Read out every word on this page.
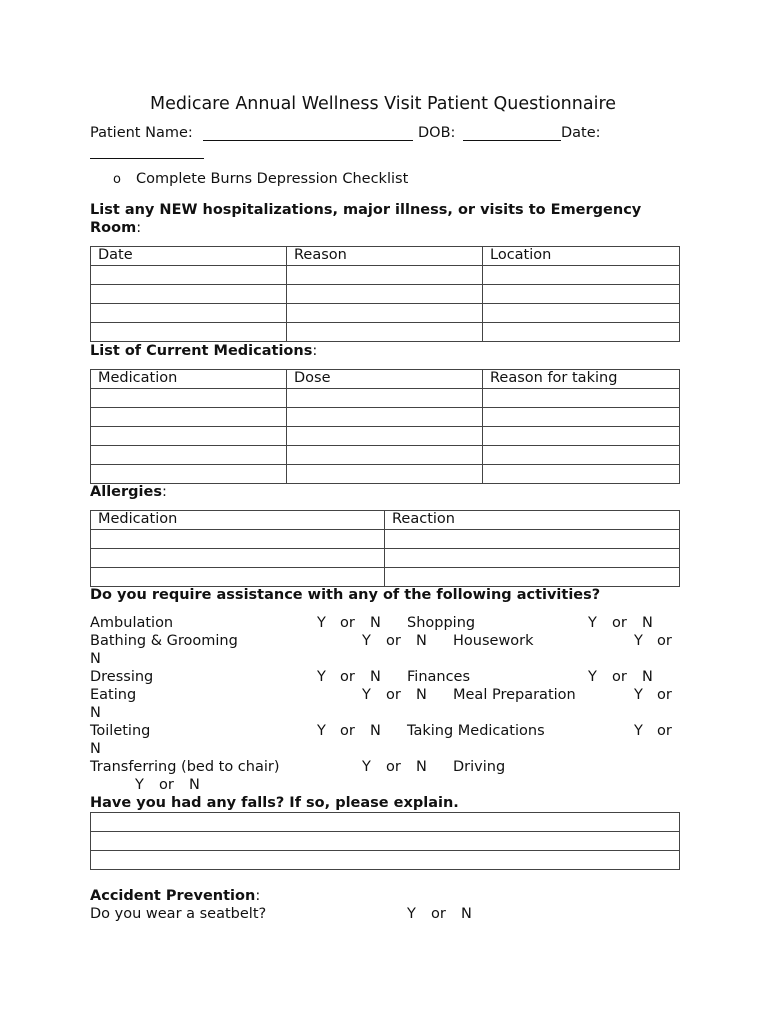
Medicare Annual Wellness Visit Patient Questionnaire
Patient Name:	DOB:	Date:
o Complete Burns Depression Checklist
List any NEW hospitalizations, major illness, or visits to Emergency
Room:
Date	Reason	Location

List of Current Medications:
Medication	Dose	Reason for taking

Allergies:
Medication	Reaction

Do you require assistance with any of the following activities?
Ambulation	Y or N Shopping	Y or N
Bathing & Grooming	Y or N Housework	Y or
N
Dressing	Y or N Finances	Y or N
Eating	Y or N Meal Preparation	Y or
N
Toileting	Y or N Taking Medications	Y or
N
Transferring (bed to chair)	Y or N Driving
Y or N
Have you had any falls? If so, please explain.

Accident Prevention:
Do you wear a seatbelt?	Y or N
